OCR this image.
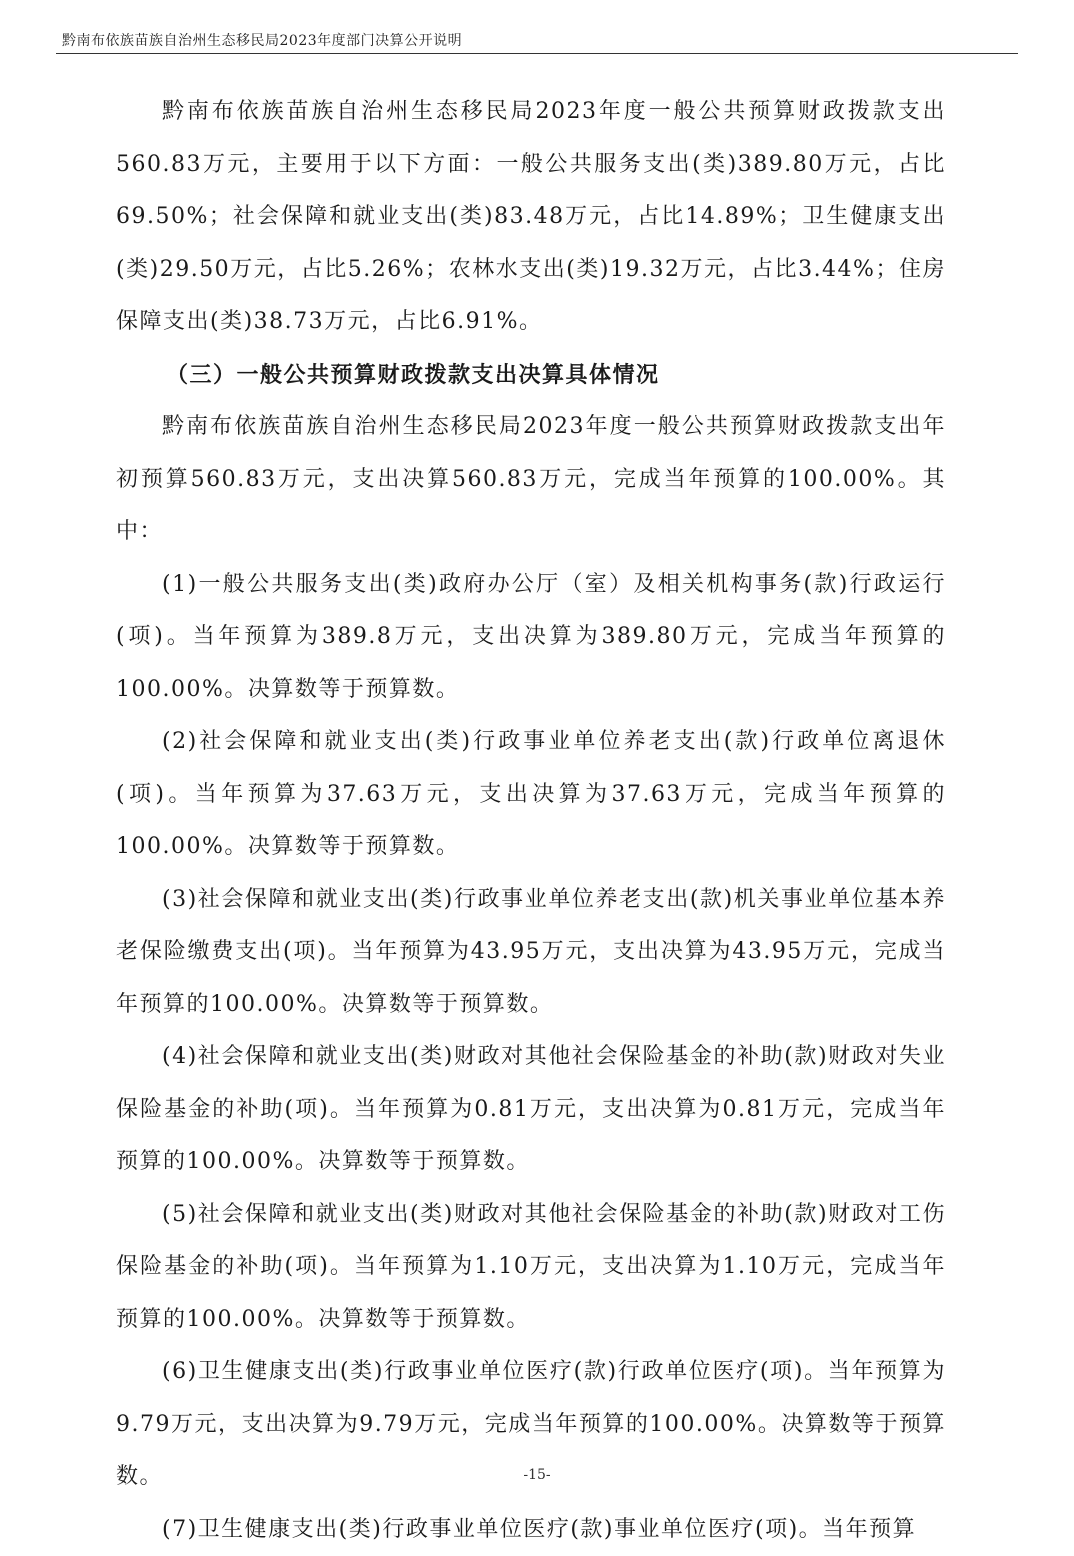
黔南布依族苗族自治州生态移民局2023年度部门决算公开说明

黔南布依族苗族自治州生态移民局2023年度一般公共预算财政拨款支出560.83万元，主要用于以下方面：一般公共服务支出(类)389.80万元，占比69.50%；社会保障和就业支出(类)83.48万元，占比14.89%；卫生健康支出(类)29.50万元，占比5.26%；农林水支出(类)19.32万元，占比3.44%；住房保障支出(类)38.73万元，占比6.91%。

（三）一般公共预算财政拨款支出决算具体情况

黔南布依族苗族自治州生态移民局2023年度一般公共预算财政拨款支出年初预算560.83万元，支出决算560.83万元，完成当年预算的100.00%。其中：

(1)一般公共服务支出(类)政府办公厅（室）及相关机构事务(款)行政运行(项)。当年预算为389.8万元，支出决算为389.80万元，完成当年预算的100.00%。决算数等于预算数。

(2)社会保障和就业支出(类)行政事业单位养老支出(款)行政单位离退休(项)。当年预算为37.63万元，支出决算为37.63万元，完成当年预算的100.00%。决算数等于预算数。

(3)社会保障和就业支出(类)行政事业单位养老支出(款)机关事业单位基本养老保险缴费支出(项)。当年预算为43.95万元，支出决算为43.95万元，完成当年预算的100.00%。决算数等于预算数。

(4)社会保障和就业支出(类)财政对其他社会保险基金的补助(款)财政对失业保险基金的补助(项)。当年预算为0.81万元，支出决算为0.81万元，完成当年预算的100.00%。决算数等于预算数。

(5)社会保障和就业支出(类)财政对其他社会保险基金的补助(款)财政对工伤保险基金的补助(项)。当年预算为1.10万元，支出决算为1.10万元，完成当年预算的100.00%。决算数等于预算数。

(6)卫生健康支出(类)行政事业单位医疗(款)行政单位医疗(项)。当年预算为9.79万元，支出决算为9.79万元，完成当年预算的100.00%。决算数等于预算数。

(7)卫生健康支出(类)行政事业单位医疗(款)事业单位医疗(项)。当年预算

-15-
